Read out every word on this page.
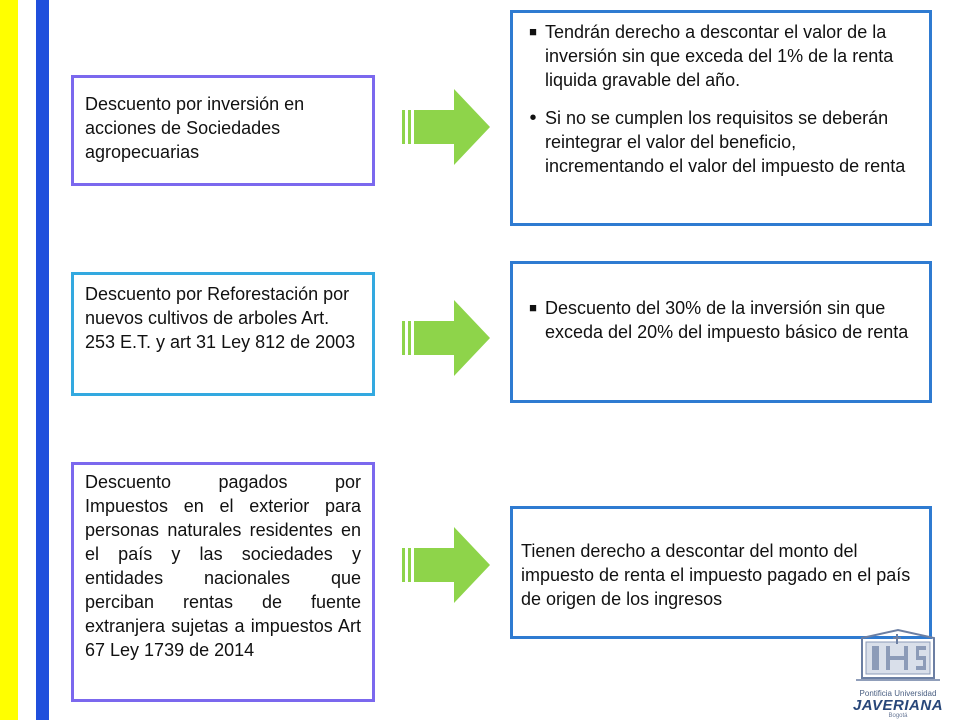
Descuento por inversión en acciones de Sociedades agropecuarias
■ Tendrán derecho a descontar el valor de la inversión sin que exceda del 1% de la renta liquida gravable del año.
• Si no se cumplen los requisitos se deberán reintegrar el valor del beneficio, incrementando el valor del impuesto de renta
Descuento por Reforestación por nuevos cultivos de arboles Art. 253 E.T. y art 31 Ley 812 de 2003
■ Descuento del 30% de la inversión sin que exceda del 20% del impuesto básico de renta
Descuento pagados por Impuestos en el exterior para personas naturales residentes en el país y las sociedades y entidades nacionales que perciban rentas de fuente extranjera sujetas a impuestos Art 67 Ley 1739 de 2014
Tienen derecho a descontar del monto del impuesto de renta el impuesto pagado en el país de origen de los ingresos
Pontificia Universidad
JAVERIANA
Bogotá
